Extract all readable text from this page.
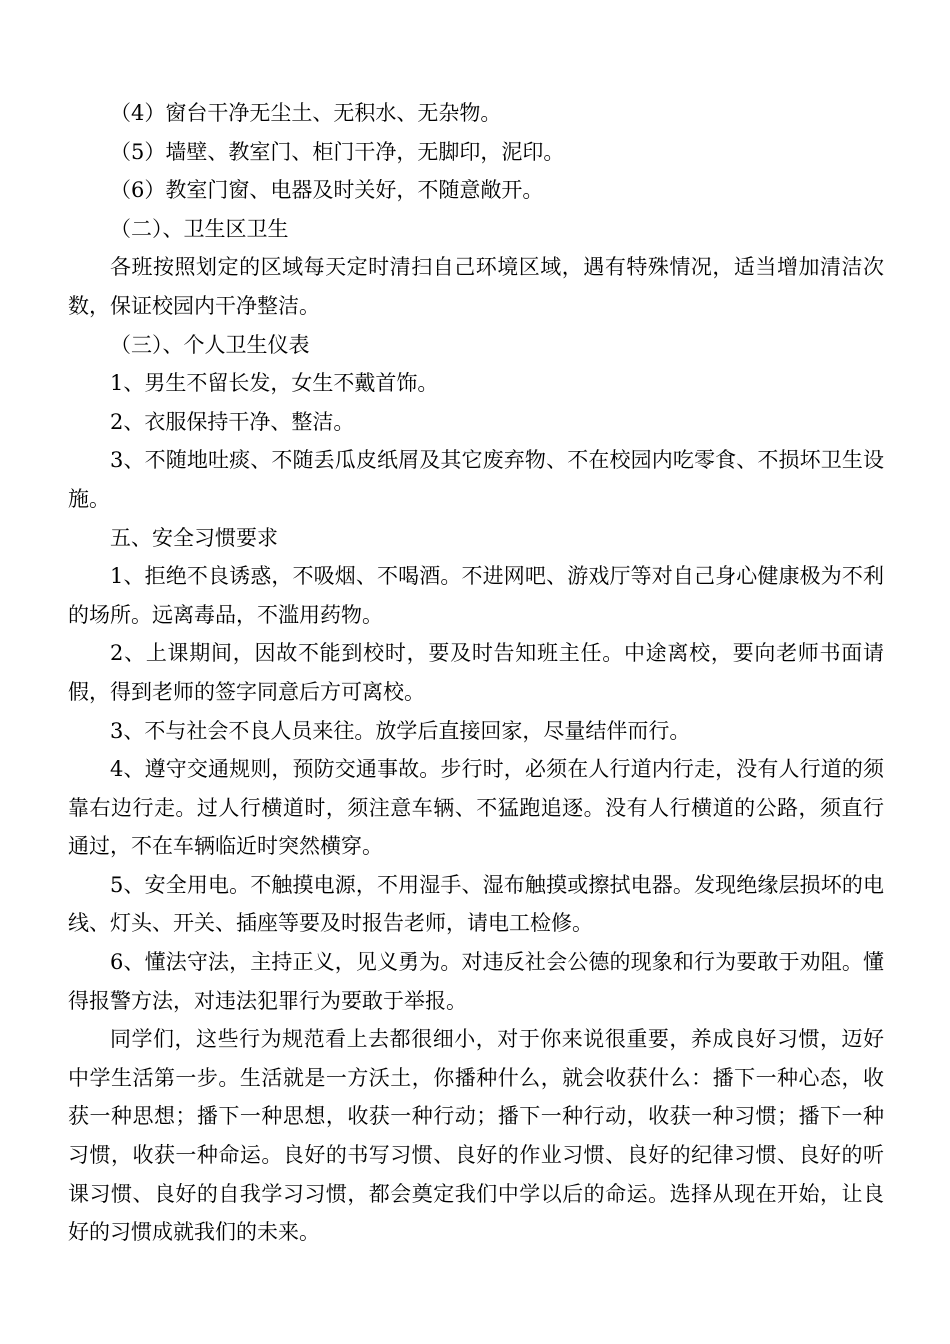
（4）窗台干净无尘土、无积水、无杂物。

（5）墙壁、教室门、柜门干净，无脚印，泥印。

（6）教室门窗、电器及时关好，不随意敞开。

（二）、卫生区卫生

各班按照划定的区域每天定时清扫自己环境区域，遇有特殊情况，适当增加清洁次数，保证校园内干净整洁。

（三）、个人卫生仪表

1、男生不留长发，女生不戴首饰。

2、衣服保持干净、整洁。

3、不随地吐痰、不随丢瓜皮纸屑及其它废弃物、不在校园内吃零食、不损坏卫生设施。

五、安全习惯要求

1、拒绝不良诱惑，不吸烟、不喝酒。不进网吧、游戏厅等对自己身心健康极为不利的场所。远离毒品，不滥用药物。

2、上课期间，因故不能到校时，要及时告知班主任。中途离校，要向老师书面请假，得到老师的签字同意后方可离校。

3、不与社会不良人员来往。放学后直接回家，尽量结伴而行。

4、遵守交通规则，预防交通事故。步行时，必须在人行道内行走，没有人行道的须靠右边行走。过人行横道时，须注意车辆、不猛跑追逐。没有人行横道的公路，须直行通过，不在车辆临近时突然横穿。

5、安全用电。不触摸电源，不用湿手、湿布触摸或擦拭电器。发现绝缘层损坏的电线、灯头、开关、插座等要及时报告老师，请电工检修。

6、懂法守法，主持正义，见义勇为。对违反社会公德的现象和行为要敢于劝阻。懂得报警方法，对违法犯罪行为要敢于举报。

同学们，这些行为规范看上去都很细小，对于你来说很重要，养成良好习惯，迈好中学生活第一步。生活就是一方沃土，你播种什么，就会收获什么：播下一种心态，收获一种思想；播下一种思想，收获一种行动；播下一种行动，收获一种习惯；播下一种习惯，收获一种命运。良好的书写习惯、良好的作业习惯、良好的纪律习惯、良好的听课习惯、良好的自我学习习惯，都会奠定我们中学以后的命运。选择从现在开始，让良好的习惯成就我们的未来。
